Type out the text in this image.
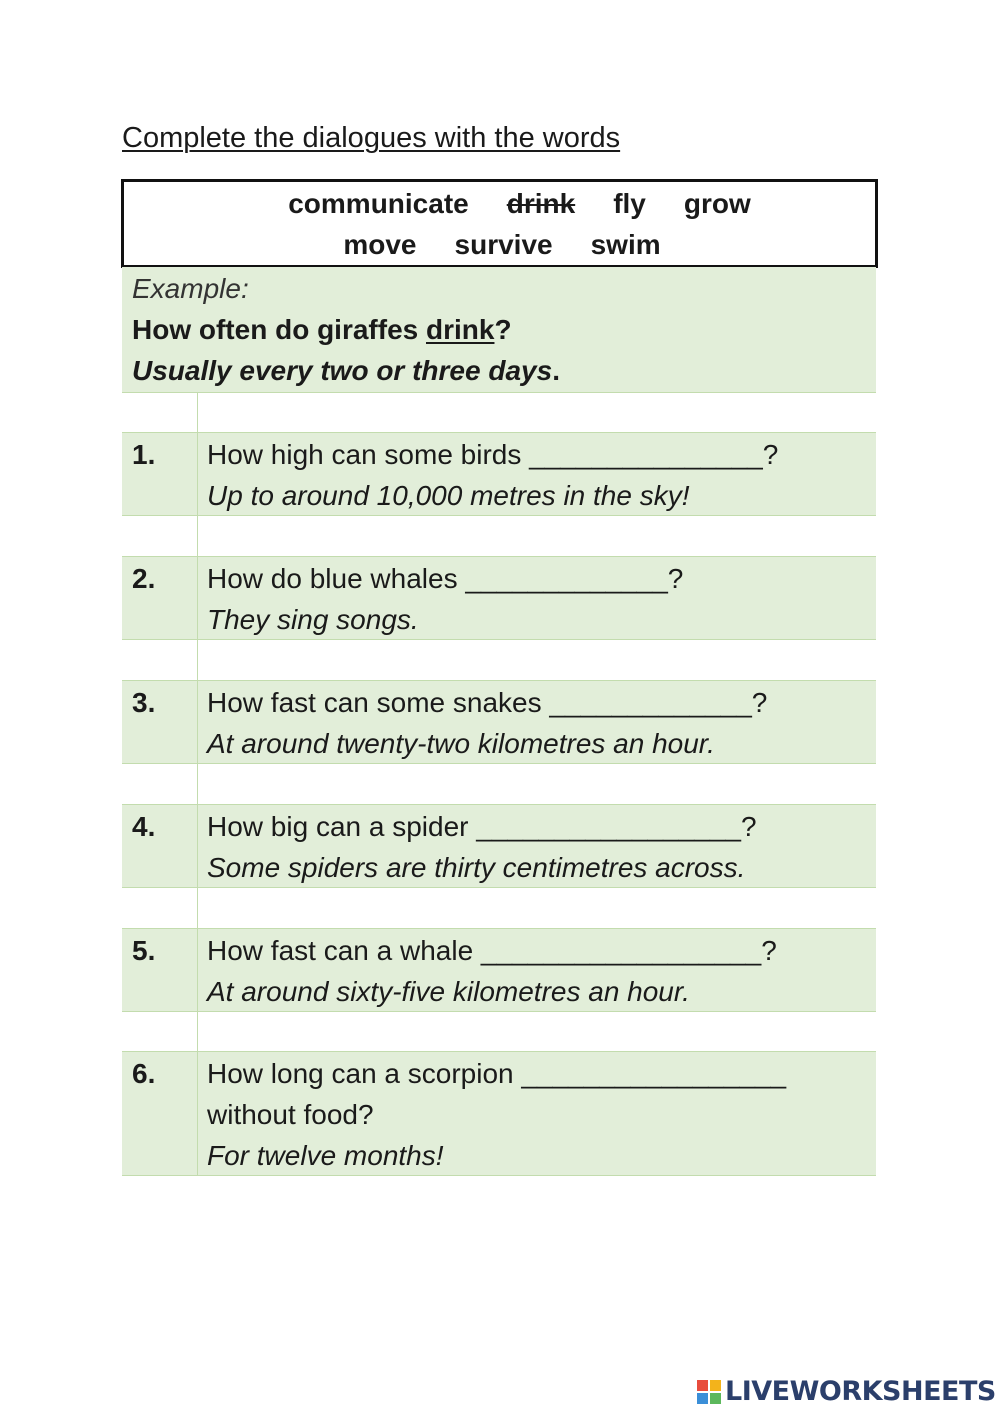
Complete the dialogues with the words
communicate drink fly grow
move survive swim
Example:
How often do giraffes drink?
Usually every two or three days.
1. How high can some birds _______________?
Up to around 10,000 metres in the sky!
2. How do blue whales _____________?
They sing songs.
3. How fast can some snakes _____________?
At around twenty-two kilometres an hour.
4. How big can a spider _________________?
Some spiders are thirty centimetres across.
5. How fast can a whale __________________?
At around sixty-five kilometres an hour.
6. How long can a scorpion _________________
without food?
For twelve months!
LIVEWORKSHEETS
